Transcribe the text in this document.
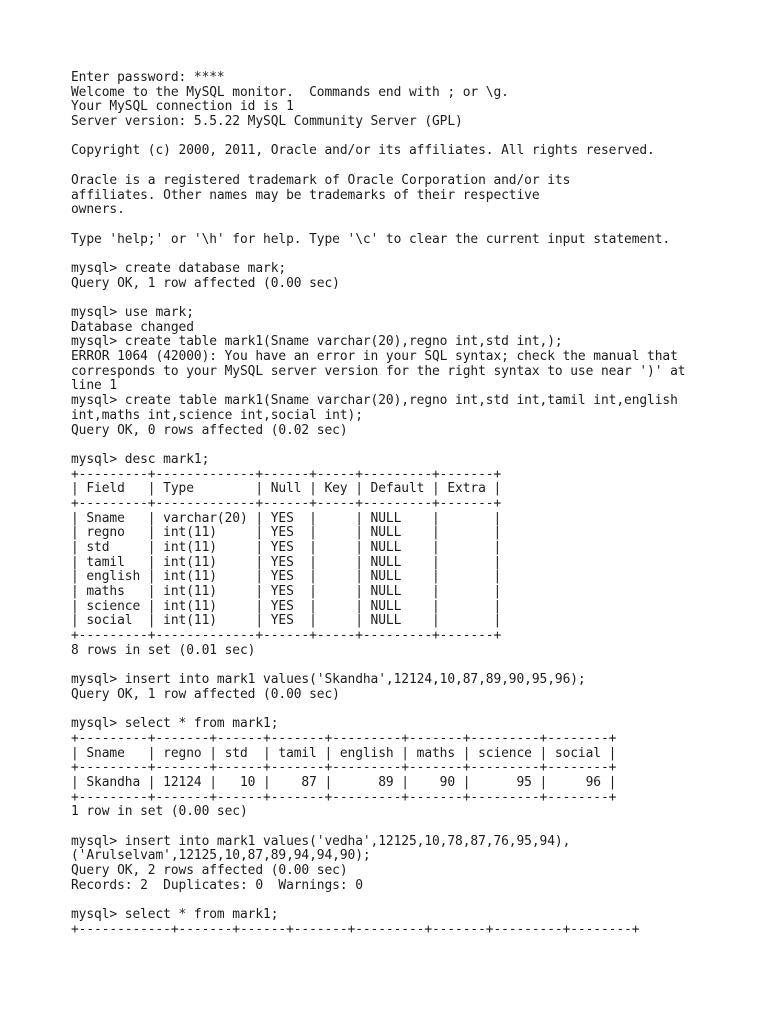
Enter password: ****
Welcome to the MySQL monitor.  Commands end with ; or \g.
Your MySQL connection id is 1
Server version: 5.5.22 MySQL Community Server (GPL)
Copyright (c) 2000, 2011, Oracle and/or its affiliates. All rights reserved.
Oracle is a registered trademark of Oracle Corporation and/or its
affiliates. Other names may be trademarks of their respective
owners.
Type 'help;' or '\h' for help. Type '\c' to clear the current input statement.
mysql> create database mark;
Query OK, 1 row affected (0.00 sec)
mysql> use mark;
Database changed
mysql> create table mark1(Sname varchar(20),regno int,std int,);
ERROR 1064 (42000): You have an error in your SQL syntax; check the manual that
corresponds to your MySQL server version for the right syntax to use near ')' at
line 1
mysql> create table mark1(Sname varchar(20),regno int,std int,tamil int,english
int,maths int,science int,social int);
Query OK, 0 rows affected (0.02 sec)
mysql> desc mark1;
+---------+-------------+------+-----+---------+-------+
| Field   | Type        | Null | Key | Default | Extra |
+---------+-------------+------+-----+---------+-------+
| Sname   | varchar(20) | YES  |     | NULL    |       |
| regno   | int(11)     | YES  |     | NULL    |       |
| std     | int(11)     | YES  |     | NULL    |       |
| tamil   | int(11)     | YES  |     | NULL    |       |
| english | int(11)     | YES  |     | NULL    |       |
| maths   | int(11)     | YES  |     | NULL    |       |
| science | int(11)     | YES  |     | NULL    |       |
| social  | int(11)     | YES  |     | NULL    |       |
+---------+-------------+------+-----+---------+-------+
8 rows in set (0.01 sec)
mysql> insert into mark1 values('Skandha',12124,10,87,89,90,95,96);
Query OK, 1 row affected (0.00 sec)
mysql> select * from mark1;
+---------+-------+------+-------+---------+-------+---------+--------+
| Sname   | regno | std  | tamil | english | maths | science | social |
+---------+-------+------+-------+---------+-------+---------+--------+
| Skandha | 12124 |   10 |    87 |      89 |    90 |      95 |     96 |
+---------+-------+------+-------+---------+-------+---------+--------+
1 row in set (0.00 sec)
mysql> insert into mark1 values('vedha',12125,10,78,87,76,95,94),
('Arulselvam',12125,10,87,89,94,94,90);
Query OK, 2 rows affected (0.00 sec)
Records: 2  Duplicates: 0  Warnings: 0
mysql> select * from mark1;
+------------+-------+------+-------+---------+-------+---------+--------+
